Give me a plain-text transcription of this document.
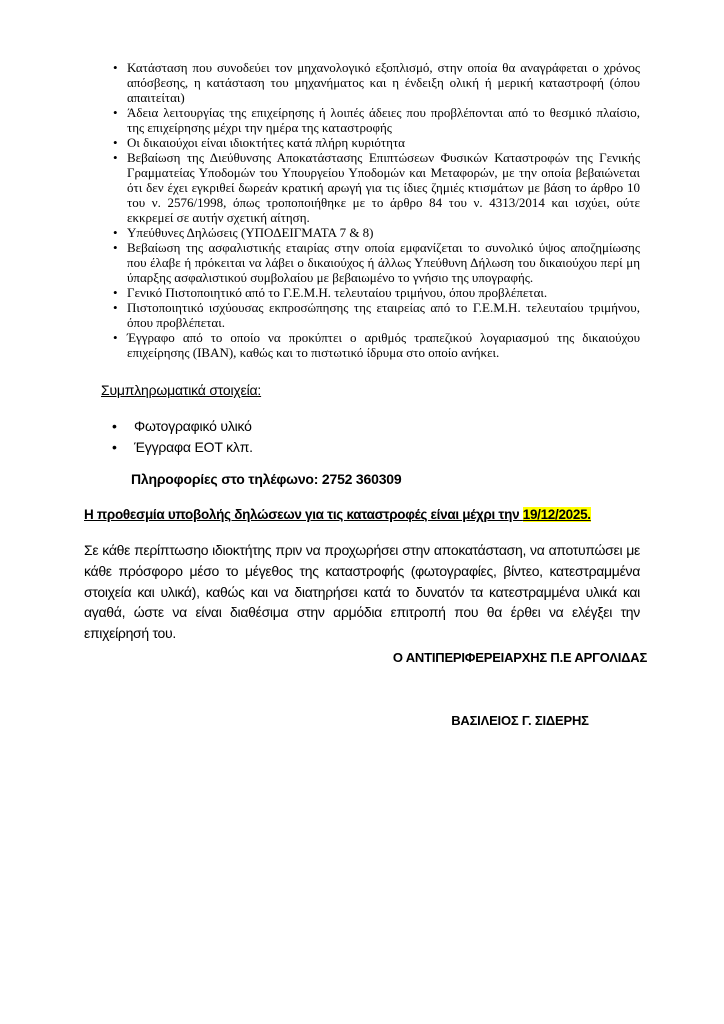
• Κατάσταση που συνοδεύει τον μηχανολογικό εξοπλισμό, στην οποία θα αναγράφεται ο χρόνος απόσβεσης, η κατάσταση του μηχανήματος και η ένδειξη ολική ή μερική καταστροφή (όπου απαιτείται)
• Άδεια λειτουργίας της επιχείρησης ή λοιπές άδειες που προβλέπονται από το θεσμικό πλαίσιο, της επιχείρησης μέχρι την ημέρα της καταστροφής
• Οι δικαιούχοι είναι ιδιοκτήτες κατά πλήρη κυριότητα
• Βεβαίωση της Διεύθυνσης Αποκατάστασης Επιπτώσεων Φυσικών Καταστροφών της Γενικής Γραμματείας Υποδομών του Υπουργείου Υποδομών και Μεταφορών, με την οποία βεβαιώνεται ότι δεν έχει εγκριθεί δωρεάν κρατική αρωγή για τις ίδιες ζημιές κτισμάτων με βάση το άρθρο 10 του ν. 2576/1998, όπως τροποποιήθηκε με το άρθρο 84 του ν. 4313/2014 και ισχύει, ούτε εκκρεμεί σε αυτήν σχετική αίτηση.
• Υπεύθυνες Δηλώσεις (ΥΠΟΔΕΙΓΜΑΤΑ 7 & 8)
• Βεβαίωση της ασφαλιστικής εταιρίας στην οποία εμφανίζεται το συνολικό ύψος αποζημίωσης που έλαβε ή πρόκειται να λάβει ο δικαιούχος ή άλλως Υπεύθυνη Δήλωση του δικαιούχου περί μη ύπαρξης ασφαλιστικού συμβολαίου με βεβαιωμένο το γνήσιο της υπογραφής.
• Γενικό Πιστοποιητικό από το Γ.Ε.Μ.Η. τελευταίου τριμήνου, όπου προβλέπεται.
• Πιστοποιητικό ισχύουσας εκπροσώπησης της εταιρείας από το Γ.Ε.Μ.Η. τελευταίου τριμήνου, όπου προβλέπεται.
• Έγγραφο από το οποίο να προκύπτει ο αριθμός τραπεζικού λογαριασμού της δικαιούχου επιχείρησης (IBAN), καθώς και το πιστωτικό ίδρυμα στο οποίο ανήκει.
Συμπληρωματικά στοιχεία:
• Φωτογραφικό υλικό
• Έγγραφα ΕΟΤ κλπ.

Πληροφορίες στο τηλέφωνο: 2752 360309

Η προθεσμία υποβολής δηλώσεων για τις καταστροφές είναι μέχρι την 19/12/2025.

Σε κάθε περίπτωσηο ιδιοκτήτης πριν να προχωρήσει στην αποκατάσταση, να αποτυπώσει με κάθε πρόσφορο μέσο το μέγεθος της καταστροφής (φωτογραφίες, βίντεο, κατεστραμμένα στοιχεία και υλικά), καθώς και να διατηρήσει κατά το δυνατόν τα κατεστραμμένα υλικά και αγαθά, ώστε να είναι διαθέσιμα στην αρμόδια επιτροπή που θα έρθει να ελέγξει την επιχείρησή του.

Ο ΑΝΤΙΠΕΡΙΦΕΡΕΙΑΡΧΗΣ Π.Ε ΑΡΓΟΛΙΔΑΣ

ΒΑΣΙΛΕΙΟΣ Γ. ΣΙΔΕΡΗΣ
